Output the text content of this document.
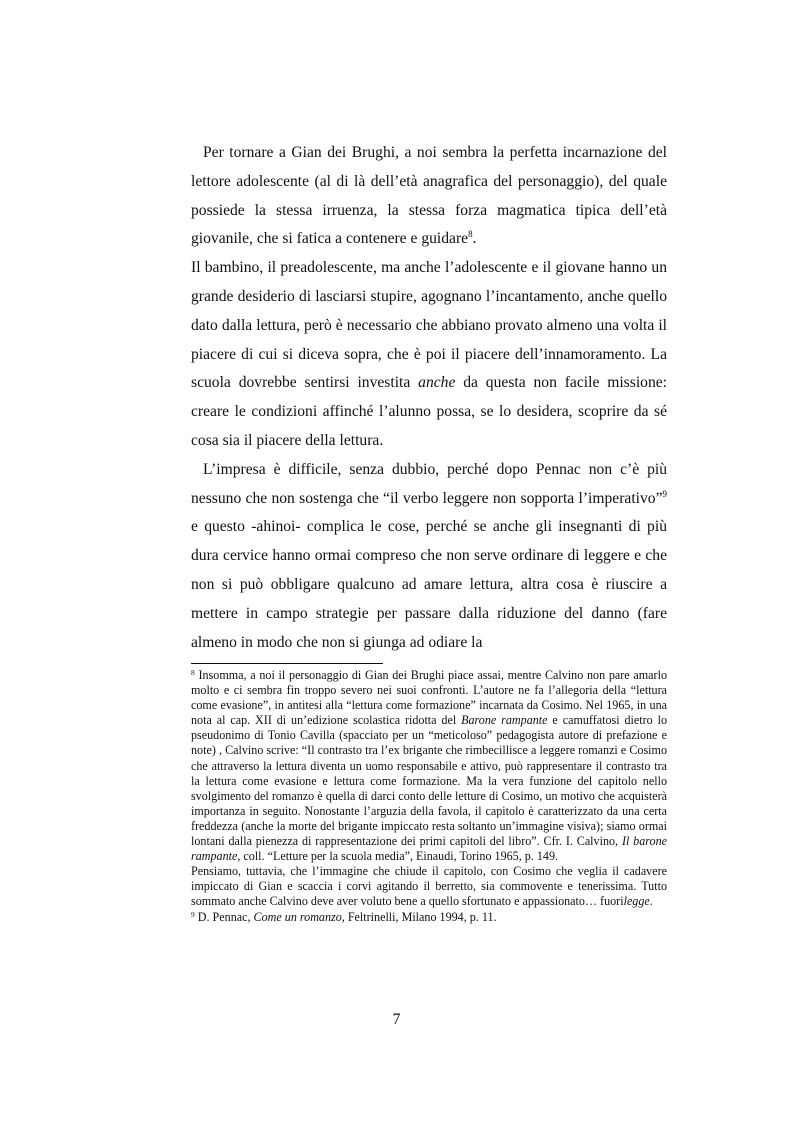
Per tornare a Gian dei Brughi, a noi sembra la perfetta incarnazione del lettore adolescente (al di là dell’età anagrafica del personaggio), del quale possiede la stessa irruenza, la stessa forza magmatica tipica dell’età giovanile, che si fatica a contenere e guidare$^8$.

Il bambino, il preadolescente, ma anche l’adolescente e il giovane hanno un grande desiderio di lasciarsi stupire, agognano l’incantamento, anche quello dato dalla lettura, però è necessario che abbiano provato almeno una volta il piacere di cui si diceva sopra, che è poi il piacere dell’innamoramento. La scuola dovrebbe sentirsi investita anche da questa non facile missione: creare le condizioni affinché l’alunno possa, se lo desidera, scoprire da sé cosa sia il piacere della lettura.

L’impresa è difficile, senza dubbio, perché dopo Pennac non c’è più nessuno che non sostenga che “il verbo leggere non sopporta l’imperativo”$^9$ e questo -ahinoi- complica le cose, perché se anche gli insegnanti di più dura cervice hanno ormai compreso che non serve ordinare di leggere e che non si può obbligare qualcuno ad amare lettura, altra cosa è riuscire a mettere in campo strategie per passare dalla riduzione del danno (fare almeno in modo che non si giunga ad odiare la

$^8$ Insomma, a noi il personaggio di Gian dei Brughi piace assai, mentre Calvino non pare amarlo molto e ci sembra fin troppo severo nei suoi confronti. L’autore ne fa l’allegoria della “lettura come evasione”, in antitesi alla “lettura come formazione” incarnata da Cosimo. Nel 1965, in una nota al cap. XII di un’edizione scolastica ridotta del Barone rampante e camuffatosi dietro lo pseudonimo di Tonio Cavilla (spacciato per un “meticoloso” pedagogista autore di prefazione e note) , Calvino scrive: “Il contrasto tra l’ex brigante che rimbecillisce a leggere romanzi e Cosimo che attraverso la lettura diventa un uomo responsabile e attivo, può rappresentare il contrasto tra la lettura come evasione e lettura come formazione. Ma la vera funzione del capitolo nello svolgimento del romanzo è quella di darci conto delle letture di Cosimo, un motivo che acquisterà importanza in seguito. Nonostante l’arguzia della favola, il capitolo è caratterizzato da una certa freddezza (anche la morte del brigante impiccato resta soltanto un’immagine visiva); siamo ormai lontani dalla pienezza di rappresentazione dei primi capitoli del libro”. Cfr. I. Calvino, Il barone rampante, coll. “Letture per la scuola media”, Einaudi, Torino 1965, p. 149.

Pensiamo, tuttavia, che l’immagine che chiude il capitolo, con Cosimo che veglia il cadavere impiccato di Gian e scaccia i corvi agitando il berretto, sia commovente e tenerissima. Tutto sommato anche Calvino deve aver voluto bene a quello sfortunato e appassionato… fuorilegge.

$^9$ D. Pennac, Come un romanzo, Feltrinelli, Milano 1994, p. 11.

7
